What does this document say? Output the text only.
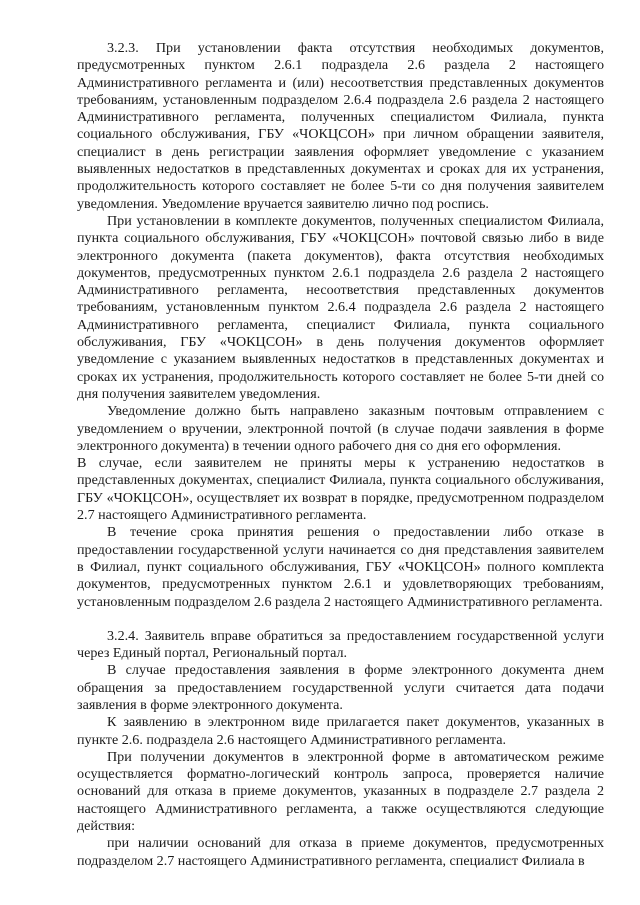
3.2.3. При установлении факта отсутствия необходимых документов, предусмотренных пунктом 2.6.1 подраздела 2.6 раздела 2 настоящего Административного регламента и (или) несоответствия представленных документов требованиям, установленным подразделом 2.6.4 подраздела 2.6 раздела 2 настоящего Административного регламента, полученных специалистом Филиала, пункта социального обслуживания, ГБУ «ЧОКЦСОН» при личном обращении заявителя, специалист в день регистрации заявления оформляет уведомление с указанием выявленных недостатков в представленных документах и сроках для их устранения, продолжительность которого составляет не более 5-ти со дня получения заявителем уведомления. Уведомление вручается заявителю лично под роспись.

При установлении в комплекте документов, полученных специалистом Филиала, пункта социального обслуживания, ГБУ «ЧОКЦСОН» почтовой связью либо в виде электронного документа (пакета документов), факта отсутствия необходимых документов, предусмотренных пунктом 2.6.1 подраздела 2.6 раздела 2 настоящего Административного регламента, несоответствия представленных документов требованиям, установленным пунктом 2.6.4 подраздела 2.6 раздела 2 настоящего Административного регламента, специалист Филиала, пункта социального обслуживания, ГБУ «ЧОКЦСОН» в день получения документов оформляет уведомление с указанием выявленных недостатков в представленных документах и сроках их устранения, продолжительность которого составляет не более 5-ти дней со дня получения заявителем уведомления.

Уведомление должно быть направлено заказным почтовым отправлением с уведомлением о вручении, электронной почтой (в случае подачи заявления в форме электронного документа) в течении одного рабочего дня со дня его оформления.

В случае, если заявителем не приняты меры к устранению недостатков в представленных документах, специалист Филиала, пункта социального обслуживания, ГБУ «ЧОКЦСОН», осуществляет их возврат в порядке, предусмотренном подразделом 2.7 настоящего Административного регламента.

В течение срока принятия решения о предоставлении либо отказе в предоставлении государственной услуги начинается со дня представления заявителем в Филиал, пункт социального обслуживания, ГБУ «ЧОКЦСОН» полного комплекта документов, предусмотренных пунктом 2.6.1 и удовлетворяющих требованиям, установленным подразделом 2.6 раздела 2 настоящего Административного регламента.

3.2.4. Заявитель вправе обратиться за предоставлением государственной услуги через Единый портал, Региональный портал.

В случае предоставления заявления в форме электронного документа днем обращения за предоставлением государственной услуги считается дата подачи заявления в форме электронного документа.

К заявлению в электронном виде прилагается пакет документов, указанных в пункте 2.6. подраздела 2.6 настоящего Административного регламента.

При получении документов в электронной форме в автоматическом режиме осуществляется форматно-логический контроль запроса, проверяется наличие оснований для отказа в приеме документов, указанных в подразделе 2.7 раздела 2 настоящего Административного регламента, а также осуществляются следующие действия:

при наличии оснований для отказа в приеме документов, предусмотренных подразделом 2.7 настоящего Административного регламента, специалист Филиала в
